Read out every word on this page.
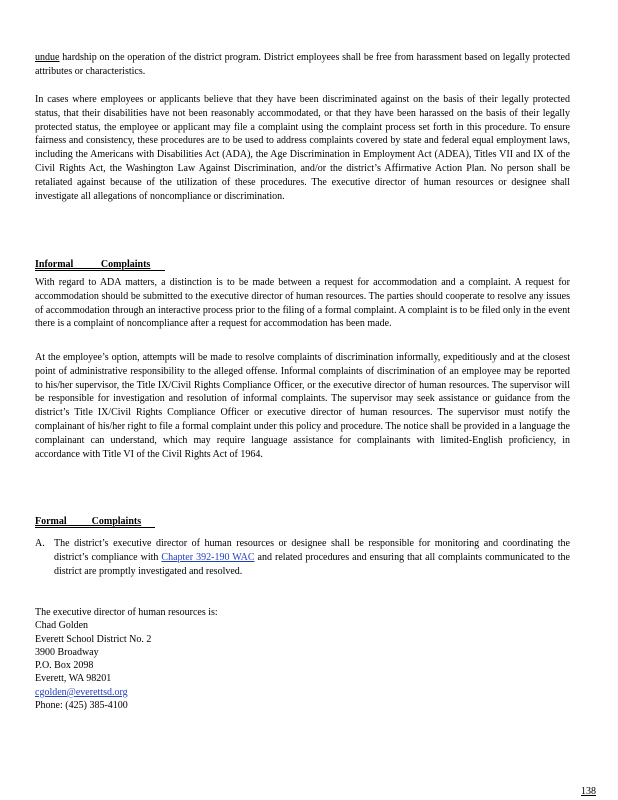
undue hardship on the operation of the district program. District employees shall be free from harassment based on legally protected attributes or characteristics.

In cases where employees or applicants believe that they have been discriminated against on the basis of their legally protected status, that their disabilities have not been reasonably accommodated, or that they have been harassed on the basis of their legally protected status, the employee or applicant may file a complaint using the complaint process set forth in this procedure. To ensure fairness and consistency, these procedures are to be used to address complaints covered by state and federal equal employment laws, including the Americans with Disabilities Act (ADA), the Age Discrimination in Employment Act (ADEA), Titles VII and IX of the Civil Rights Act, the Washington Law Against Discrimination, and/or the district’s Affirmative Action Plan. No person shall be retaliated against because of the utilization of these procedures. The executive director of human resources or designee shall investigate all allegations of noncompliance or discrimination.

Informal	Complaints

With regard to ADA matters, a distinction is to be made between a request for accommodation and a complaint. A request for accommodation should be submitted to the executive director of human resources. The parties should cooperate to resolve any issues of accommodation through an interactive process prior to the filing of a formal complaint. A complaint is to be filed only in the event there is a complaint of noncompliance after a request for accommodation has been made.

At the employee’s option, attempts will be made to resolve complaints of discrimination informally, expeditiously and at the closest point of administrative responsibility to the alleged offense. Informal complaints of discrimination of an employee may be reported to his/her supervisor, the Title IX/Civil Rights Compliance Officer, or the executive director of human resources. The supervisor will be responsible for investigation and resolution of informal complaints. The supervisor may seek assistance or guidance from the district’s Title IX/Civil Rights Compliance Officer or executive director of human resources. The supervisor must notify the complainant of his/her right to file a formal complaint under this policy and procedure. The notice shall be provided in a language the complainant can understand, which may require language assistance for complainants with limited-English proficiency, in accordance with Title VI of the Civil Rights Act of 1964.

Formal	Complaints

A. The district’s executive director of human resources or designee shall be responsible for monitoring and coordinating the district’s compliance with Chapter 392-190 WAC and related procedures and ensuring that all complaints communicated to the district are promptly investigated and resolved.
The executive director of human resources is:
Chad Golden
Everett School District No. 2
3900 Broadway
P.O. Box 2098
Everett, WA 98201
cgolden@everettsd.org
Phone: (425) 385-4100
138
